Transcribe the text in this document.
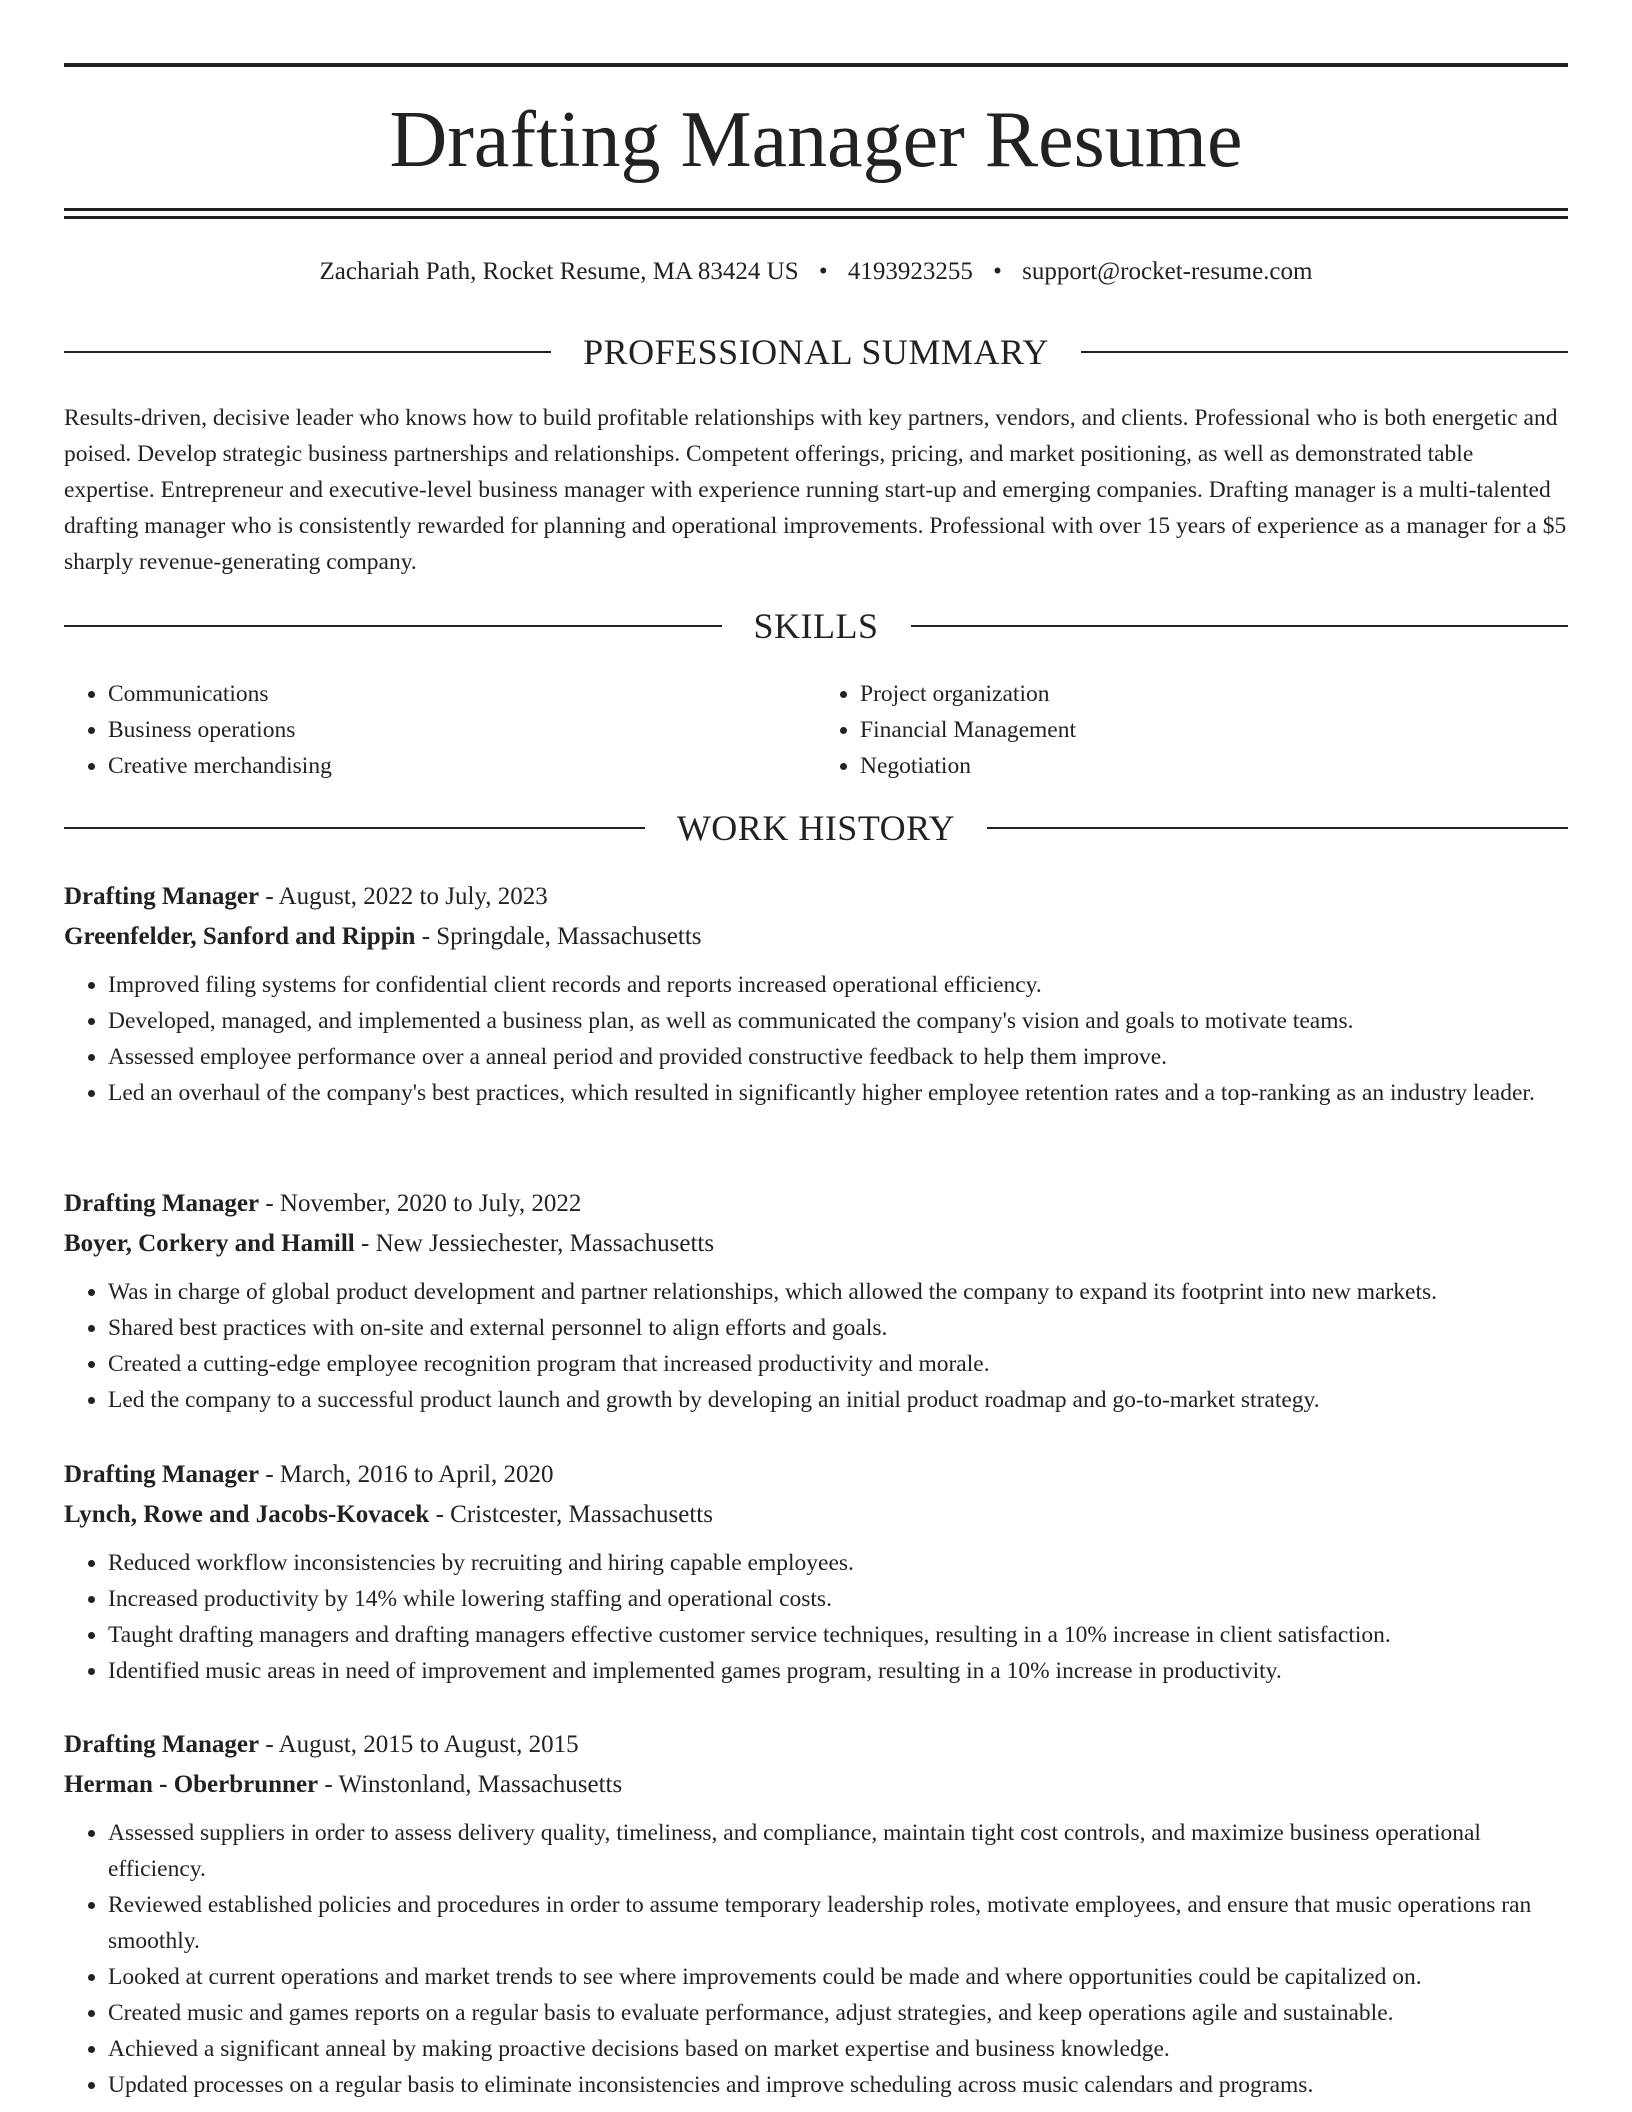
Drafting Manager Resume
Zachariah Path, Rocket Resume, MA 83424 US • 4193923255 • support@rocket-resume.com
PROFESSIONAL SUMMARY

Results-driven, decisive leader who knows how to build profitable relationships with key partners, vendors, and clients. Professional who is both energetic and poised. Develop strategic business partnerships and relationships. Competent offerings, pricing, and market positioning, as well as demonstrated table expertise. Entrepreneur and executive-level business manager with experience running start-up and emerging companies. Drafting manager is a multi-talented drafting manager who is consistently rewarded for planning and operational improvements. Professional with over 15 years of experience as a manager for a $5 sharply revenue-generating company.

SKILLS
• Communications
• Business operations
• Creative merchandising
• Project organization
• Financial Management
• Negotiation
WORK HISTORY
Drafting Manager - August, 2022 to July, 2023
Greenfelder, Sanford and Rippin - Springdale, Massachusetts
• Improved filing systems for confidential client records and reports increased operational efficiency.
• Developed, managed, and implemented a business plan, as well as communicated the company's vision and goals to motivate teams.
• Assessed employee performance over a anneal period and provided constructive feedback to help them improve.
• Led an overhaul of the company's best practices, which resulted in significantly higher employee retention rates and a top-ranking as an industry leader.
Drafting Manager - November, 2020 to July, 2022
Boyer, Corkery and Hamill - New Jessiechester, Massachusetts
• Was in charge of global product development and partner relationships, which allowed the company to expand its footprint into new markets.
• Shared best practices with on-site and external personnel to align efforts and goals.
• Created a cutting-edge employee recognition program that increased productivity and morale.
• Led the company to a successful product launch and growth by developing an initial product roadmap and go-to-market strategy.
Drafting Manager - March, 2016 to April, 2020
Lynch, Rowe and Jacobs-Kovacek - Cristcester, Massachusetts
• Reduced workflow inconsistencies by recruiting and hiring capable employees.
• Increased productivity by 14% while lowering staffing and operational costs.
• Taught drafting managers and drafting managers effective customer service techniques, resulting in a 10% increase in client satisfaction.
• Identified music areas in need of improvement and implemented games program, resulting in a 10% increase in productivity.
Drafting Manager - August, 2015 to August, 2015
Herman - Oberbrunner - Winstonland, Massachusetts
• Assessed suppliers in order to assess delivery quality, timeliness, and compliance, maintain tight cost controls, and maximize business operational efficiency.
• Reviewed established policies and procedures in order to assume temporary leadership roles, motivate employees, and ensure that music operations ran smoothly.
• Looked at current operations and market trends to see where improvements could be made and where opportunities could be capitalized on.
• Created music and games reports on a regular basis to evaluate performance, adjust strategies, and keep operations agile and sustainable.
• Achieved a significant anneal by making proactive decisions based on market expertise and business knowledge.
• Updated processes on a regular basis to eliminate inconsistencies and improve scheduling across music calendars and programs.
